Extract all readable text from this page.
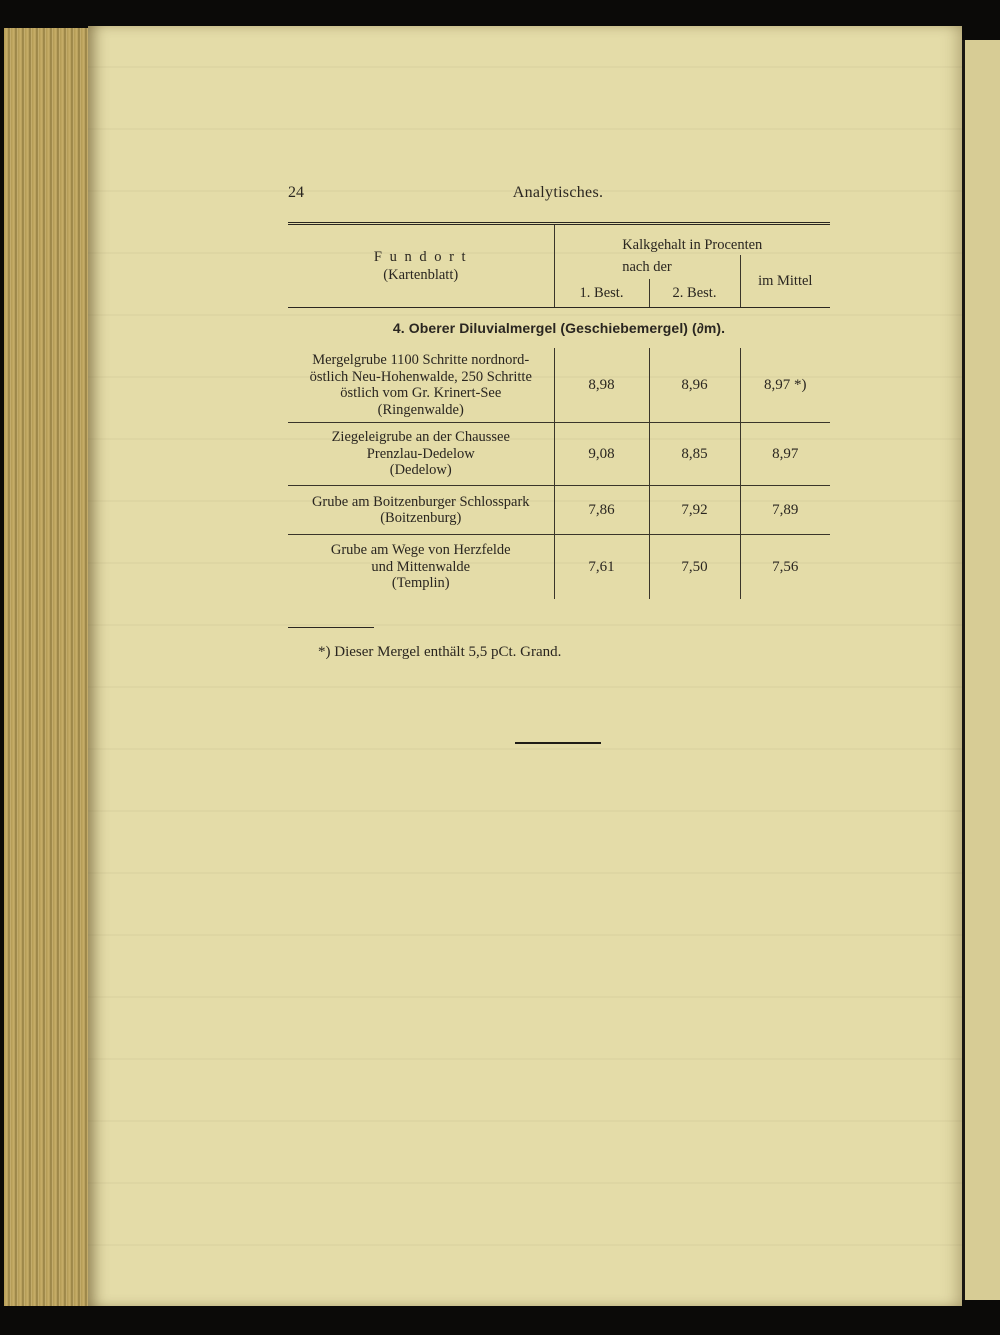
24	Analytisches.
F u n d o r t
(Kartenblatt)	Kalkgehalt in Procenten		
	nach der		im Mittel
	1. Best.	2. Best.	
4. Oberer Diluvialmergel (Geschiebemergel) (∂m).			

Mergelgrube 1100 Schritte nordnord-
östlich Neu-Hohenwalde, 250 Schritte
östlich vom Gr. Krinert-See
(Ringenwalde)	8,98	8,96	8,97 *)

Ziegeleigrube an der Chaussee
Prenzlau-Dedelow
(Dedelow)	9,08	8,85	8,97

Grube am Boitzenburger Schlosspark
(Boitzenburg)	7,86	7,92	7,89

Grube am Wege von Herzfelde
und Mittenwalde
(Templin)	7,61	7,50	7,56
*) Dieser Mergel enthält 5,5 pCt. Grand.
